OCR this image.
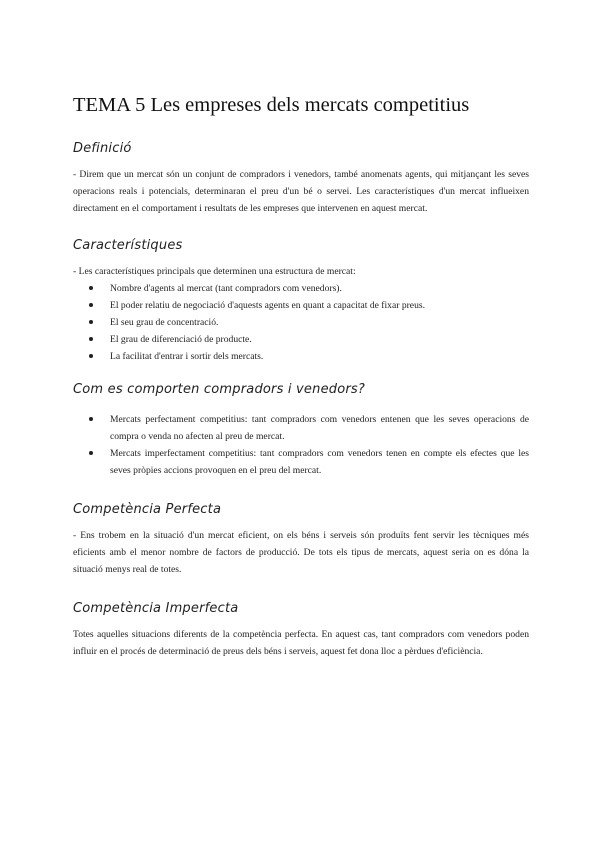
TEMA 5 Les empreses dels mercats competitius
Definició

- Direm que un mercat són un conjunt de compradors i venedors, també anomenats agents, qui mitjançant les seves operacions reals i potencials, determinaran el preu d'un bé o servei. Les característiques d'un mercat influeixen directament en el comportament i resultats de les empreses que intervenen en aquest mercat.

Característiques

- Les característiques principals que determinen una estructura de mercat:

Nombre d'agents al mercat (tant compradors com venedors).
El poder relatiu de negociació d'aquests agents en quant a capacitat de fixar preus.
El seu grau de concentració.
El grau de diferenciació de producte.
La facilitat d'entrar i sortir dels mercats.
Com es comporten compradors i venedors?
Mercats perfectament competitius: tant compradors com venedors entenen que les seves operacions de compra o venda no afecten al preu de mercat.
Mercats imperfectament competitius: tant compradors com venedors tenen en compte els efectes que les seves pròpies accions provoquen en el preu del mercat.
Competència Perfecta

- Ens trobem en la situació d'un mercat eficient, on els béns i serveis són produïts fent servir les tècniques més eficients amb el menor nombre de factors de producció. De tots els tipus de mercats, aquest seria on es dóna la situació menys real de totes.

Competència Imperfecta

Totes aquelles situacions diferents de la competència perfecta. En aquest cas, tant compradors com venedors poden influir en el procés de determinació de preus dels béns i serveis, aquest fet dona lloc a pèrdues d'eficiència.
